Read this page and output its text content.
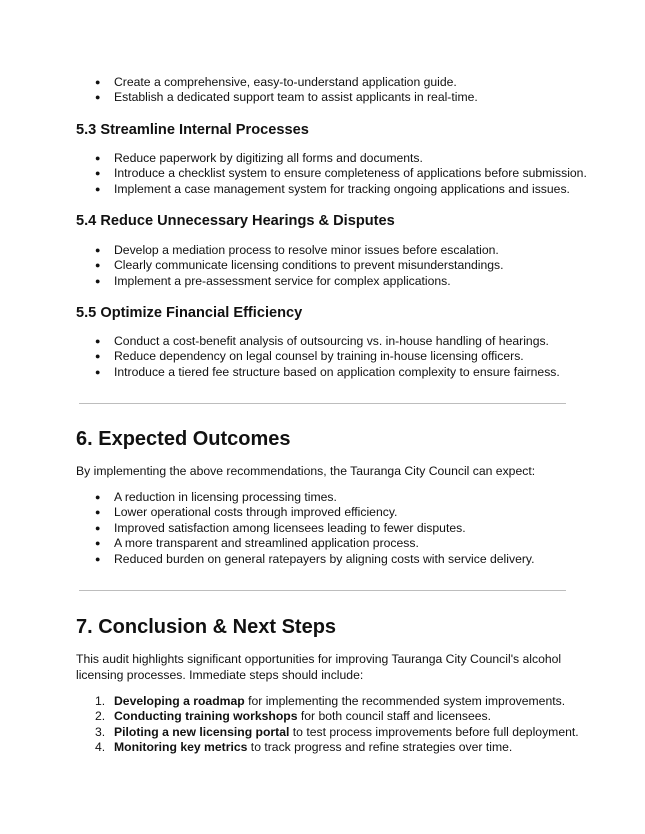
● Create a comprehensive, easy-to-understand application guide.
● Establish a dedicated support team to assist applicants in real-time.
5.3 Streamline Internal Processes
● Reduce paperwork by digitizing all forms and documents.
● Introduce a checklist system to ensure completeness of applications before submission.
● Implement a case management system for tracking ongoing applications and issues.
5.4 Reduce Unnecessary Hearings & Disputes
● Develop a mediation process to resolve minor issues before escalation.
● Clearly communicate licensing conditions to prevent misunderstandings.
● Implement a pre-assessment service for complex applications.
5.5 Optimize Financial Efficiency
● Conduct a cost-benefit analysis of outsourcing vs. in-house handling of hearings.
● Reduce dependency on legal counsel by training in-house licensing officers.
● Introduce a tiered fee structure based on application complexity to ensure fairness.
6. Expected Outcomes

By implementing the above recommendations, the Tauranga City Council can expect:

● A reduction in licensing processing times.
● Lower operational costs through improved efficiency.
● Improved satisfaction among licensees leading to fewer disputes.
● A more transparent and streamlined application process.
● Reduced burden on general ratepayers by aligning costs with service delivery.
7. Conclusion & Next Steps

This audit highlights significant opportunities for improving Tauranga City Council's alcohol licensing processes. Immediate steps should include:

1. Developing a roadmap for implementing the recommended system improvements.
2. Conducting training workshops for both council staff and licensees.
3. Piloting a new licensing portal to test process improvements before full deployment.
4. Monitoring key metrics to track progress and refine strategies over time.
